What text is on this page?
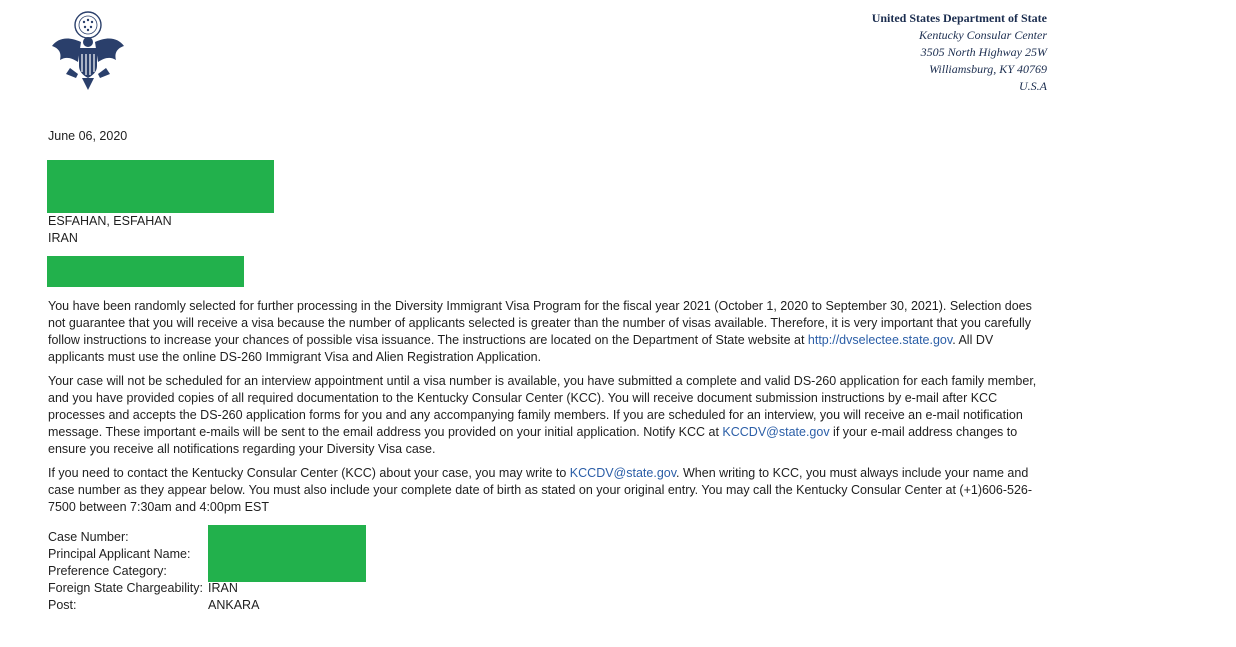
United States Department of State
Kentucky Consular Center
3505 North Highway 25W
Williamsburg, KY 40769
U.S.A
June 06, 2020
ESFAHAN, ESFAHAN
IRAN

You have been randomly selected for further processing in the Diversity Immigrant Visa Program for the fiscal year 2021 (October 1, 2020 to September 30, 2021). Selection does not guarantee that you will receive a visa because the number of applicants selected is greater than the number of visas available. Therefore, it is very important that you carefully follow instructions to increase your chances of possible visa issuance. The instructions are located on the Department of State website at http://dvselectee.state.gov. All DV applicants must use the online DS-260 Immigrant Visa and Alien Registration Application.

Your case will not be scheduled for an interview appointment until a visa number is available, you have submitted a complete and valid DS-260 application for each family member, and you have provided copies of all required documentation to the Kentucky Consular Center (KCC). You will receive document submission instructions by e-mail after KCC processes and accepts the DS-260 application forms for you and any accompanying family members. If you are scheduled for an interview, you will receive an e-mail notification message. These important e-mails will be sent to the email address you provided on your initial application. Notify KCC at KCCDV@state.gov if your e-mail address changes to ensure you receive all notifications regarding your Diversity Visa case.

If you need to contact the Kentucky Consular Center (KCC) about your case, you may write to KCCDV@state.gov. When writing to KCC, you must always include your name and case number as they appear below. You must also include your complete date of birth as stated on your original entry. You may call the Kentucky Consular Center at (+1)606-526-7500 between 7:30am and 4:00pm EST

Case Number:	
Principal Applicant Name:	
Preference Category:	
Foreign State Chargeability:	IRAN
Post:	ANKARA
